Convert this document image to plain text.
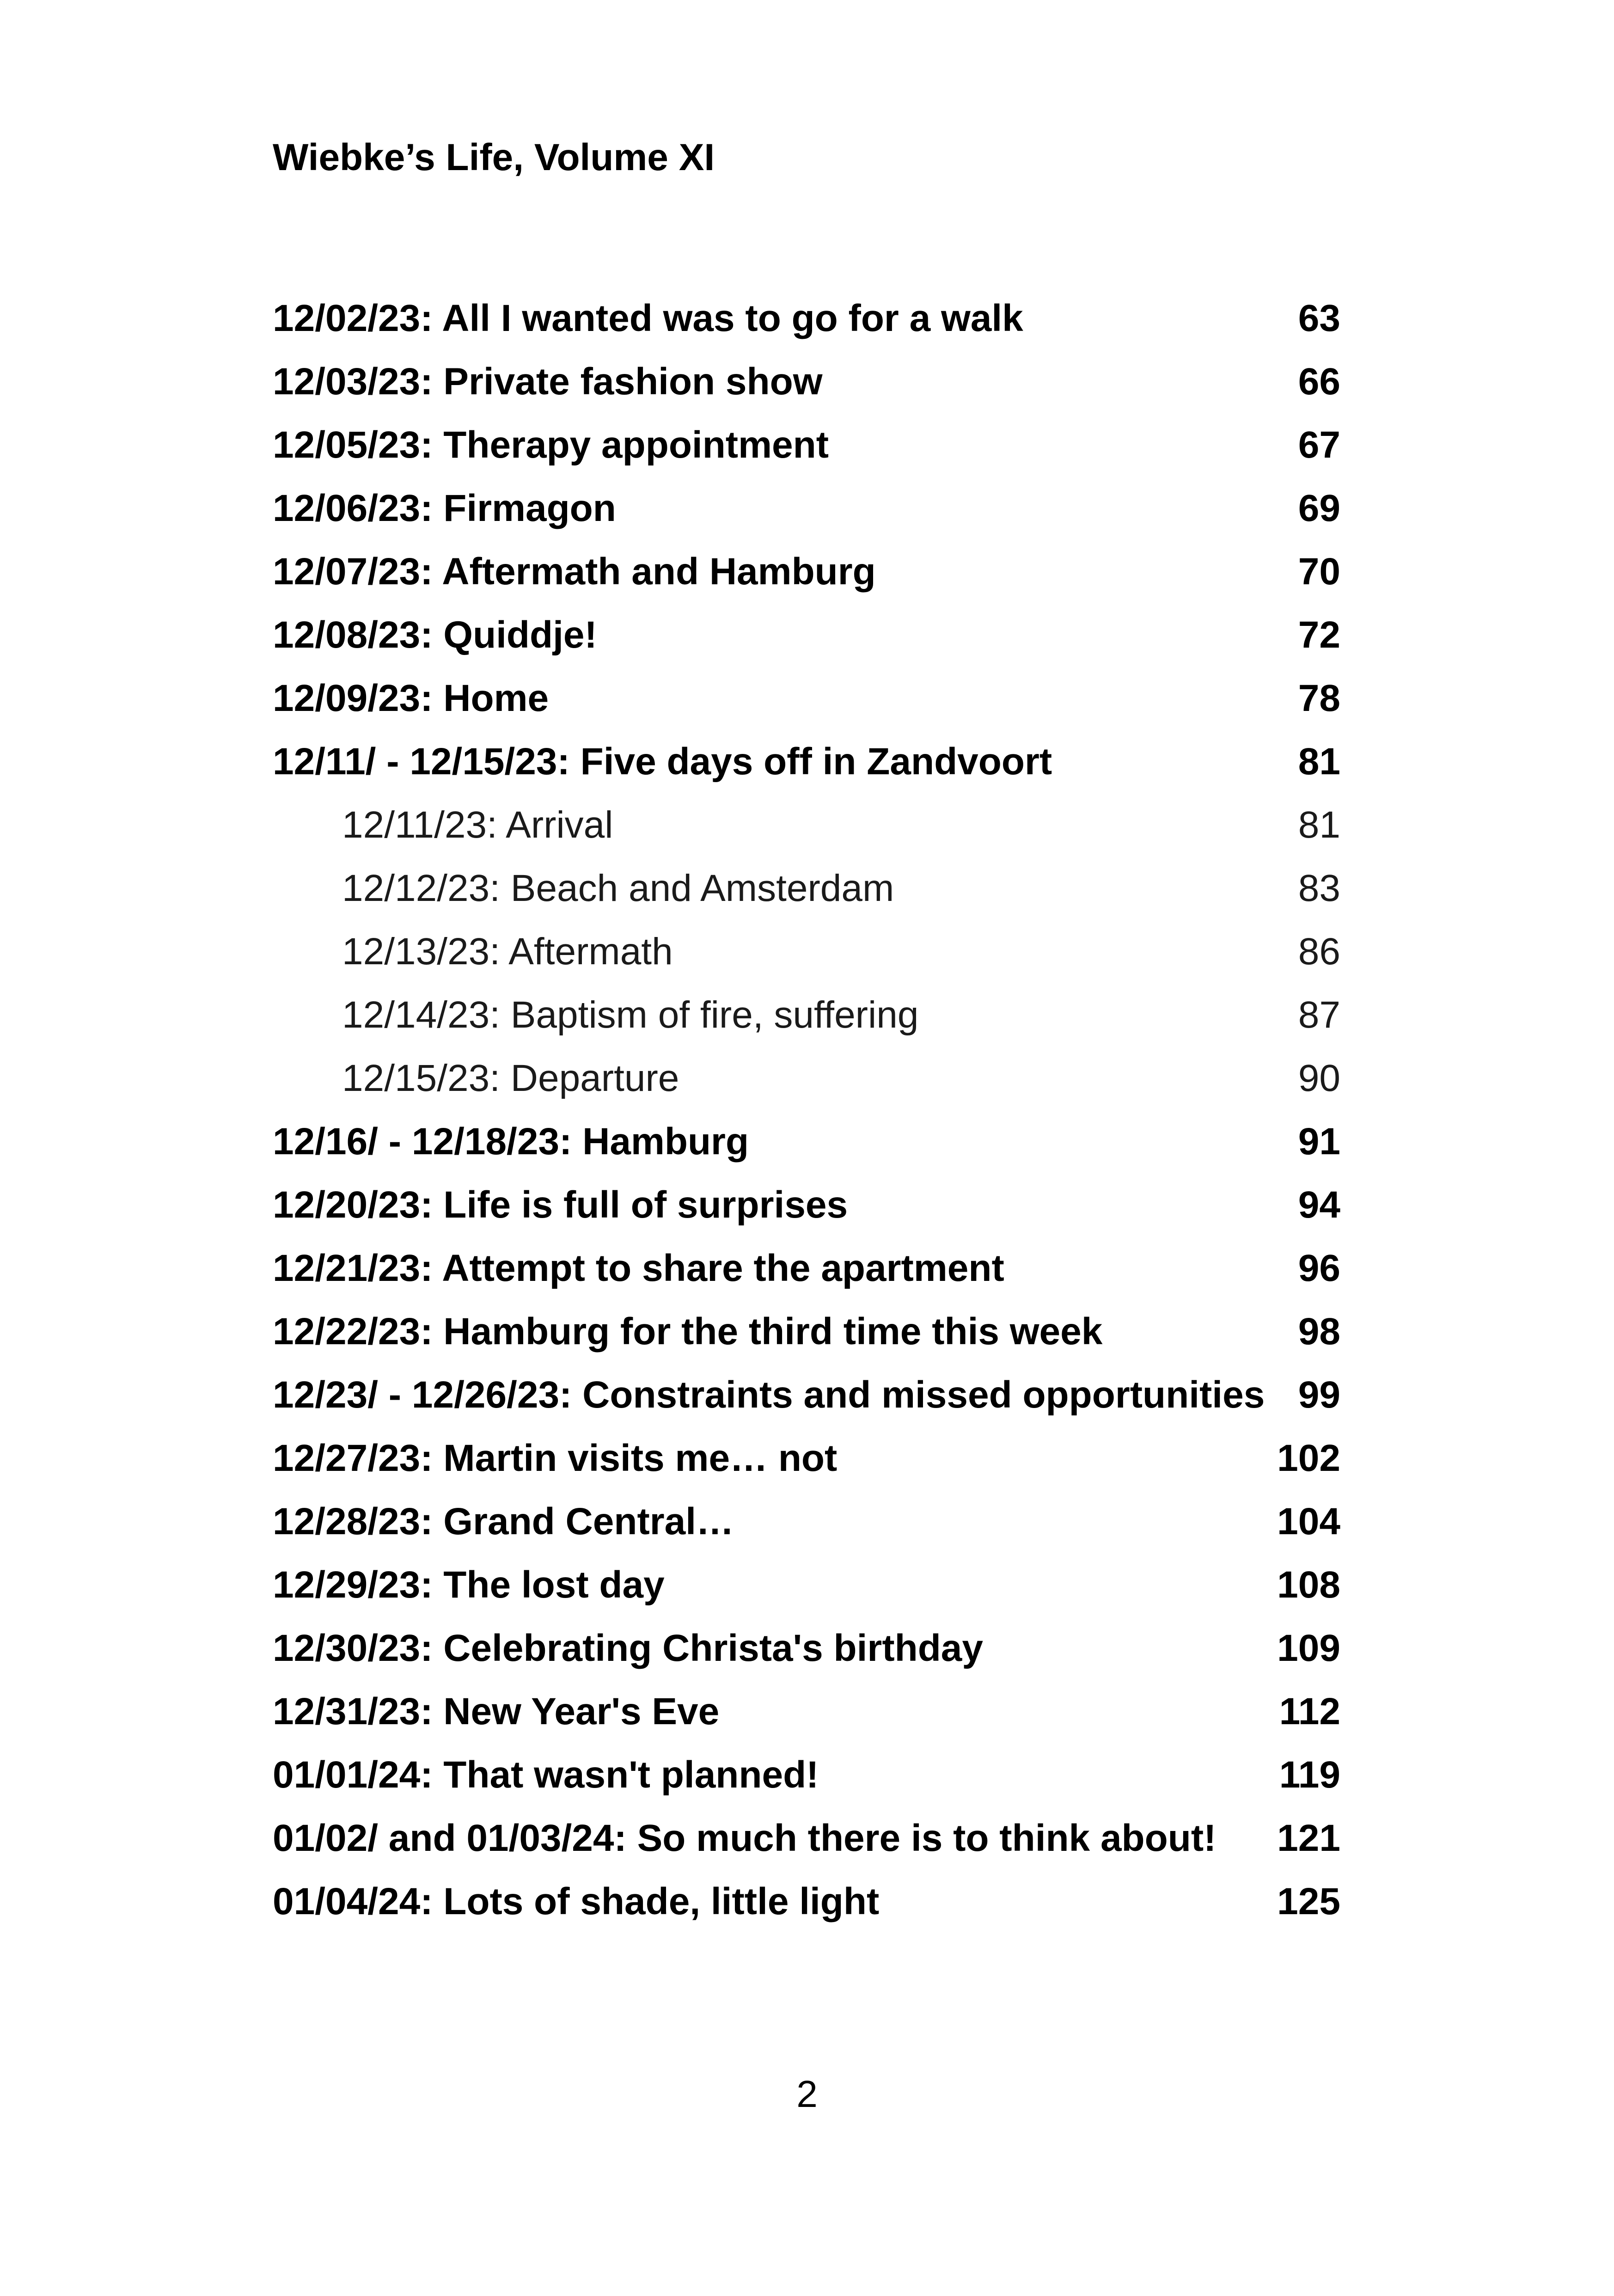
Wiebke’s Life, Volume XI
12/02/23: All I wanted was to go for a walk	63
12/03/23: Private fashion show	66
12/05/23: Therapy appointment	67
12/06/23: Firmagon	69
12/07/23: Aftermath and Hamburg	70
12/08/23: Quiddje!	72
12/09/23: Home	78
12/11/ - 12/15/23: Five days off in Zandvoort	81
12/11/23: Arrival	81
12/12/23: Beach and Amsterdam	83
12/13/23: Aftermath	86
12/14/23: Baptism of fire, suffering	87
12/15/23: Departure	90
12/16/ - 12/18/23: Hamburg	91
12/20/23: Life is full of surprises	94
12/21/23: Attempt to share the apartment	96
12/22/23: Hamburg for the third time this week	98
12/23/ - 12/26/23: Constraints and missed opportunities 99
12/27/23: Martin visits me… not	102
12/28/23: Grand Central…	104
12/29/23: The lost day	108
12/30/23: Celebrating Christa's birthday	109
12/31/23: New Year's Eve	112
01/01/24: That wasn't planned!	119
01/02/ and 01/03/24: So much there is to think about! 121
01/04/24: Lots of shade, little light	125
2
